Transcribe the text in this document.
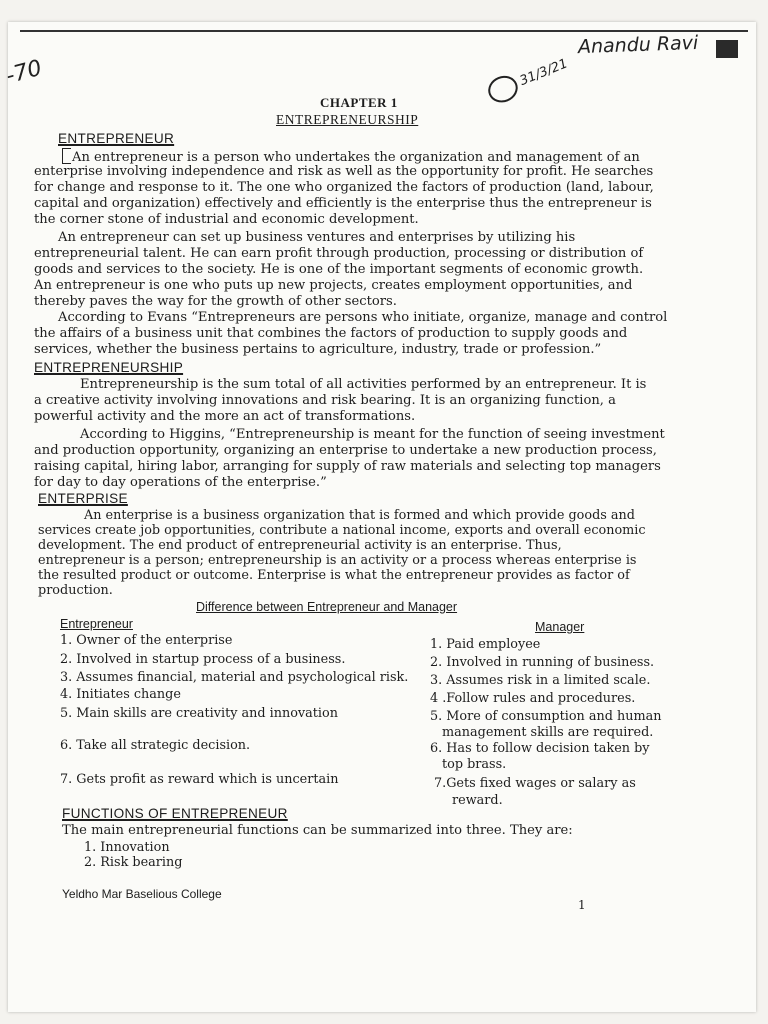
Anandu Ravi
-70	31/3/21

CHAPTER 1

ENTREPRENEURSHIP

ENTREPRENEUR

An entrepreneur is a person who undertakes the organization and management of an

enterprise involving independence and risk as well as the opportunity for profit. He searches

for change and response to it. The one who organized the factors of production (land, labour,

capital and organization) effectively and efficiently is the enterprise thus the entrepreneur is

the corner stone of industrial and economic development.

An entrepreneur can set up business ventures and enterprises by utilizing his

entrepreneurial talent. He can earn profit through production, processing or distribution of

goods and services to the society. He is one of the important segments of economic growth.

An entrepreneur is one who puts up new projects, creates employment opportunities, and

thereby paves the way for the growth of other sectors.

According to Evans “Entrepreneurs are persons who initiate, organize, manage and control

the affairs of a business unit that combines the factors of production to supply goods and

services, whether the business pertains to agriculture, industry, trade or profession.”

ENTREPRENEURSHIP

Entrepreneurship is the sum total of all activities performed by an entrepreneur. It is

a creative activity involving innovations and risk bearing. It is an organizing function, a

powerful activity and the more an act of transformations.

According to Higgins, “Entrepreneurship is meant for the function of seeing investment

and production opportunity, organizing an enterprise to undertake a new production process,

raising capital, hiring labor, arranging for supply of raw materials and selecting top managers

for day to day operations of the enterprise.”

ENTERPRISE

An enterprise is a business organization that is formed and which provide goods and

services create job opportunities, contribute a national income, exports and overall economic

development. The end product of entrepreneurial activity is an enterprise. Thus,

entrepreneur is a person; entrepreneurship is an activity or a process whereas enterprise is

the resulted product or outcome. Enterprise is what the entrepreneur provides as factor of

production.

Difference between Entrepreneur and Manager

Entrepreneur	Manager

1. Owner of the enterprise

2. Involved in startup process of a business.

3. Assumes financial, material and psychological risk.

4. Initiates change

5. Main skills are creativity and innovation

6. Take all strategic decision.

7. Gets profit as reward which is uncertain

1. Paid employee

2. Involved in running of business.

3. Assumes risk in a limited scale.

4 .Follow rules and procedures.

5. More of consumption and human

management skills are required.

6. Has to follow decision taken by

top brass.

7.Gets fixed wages or salary as

reward.

FUNCTIONS OF ENTREPRENEUR

The main entrepreneurial functions can be summarized into three. They are:

1. Innovation

2. Risk bearing

Yeldho Mar Baselious College

1
